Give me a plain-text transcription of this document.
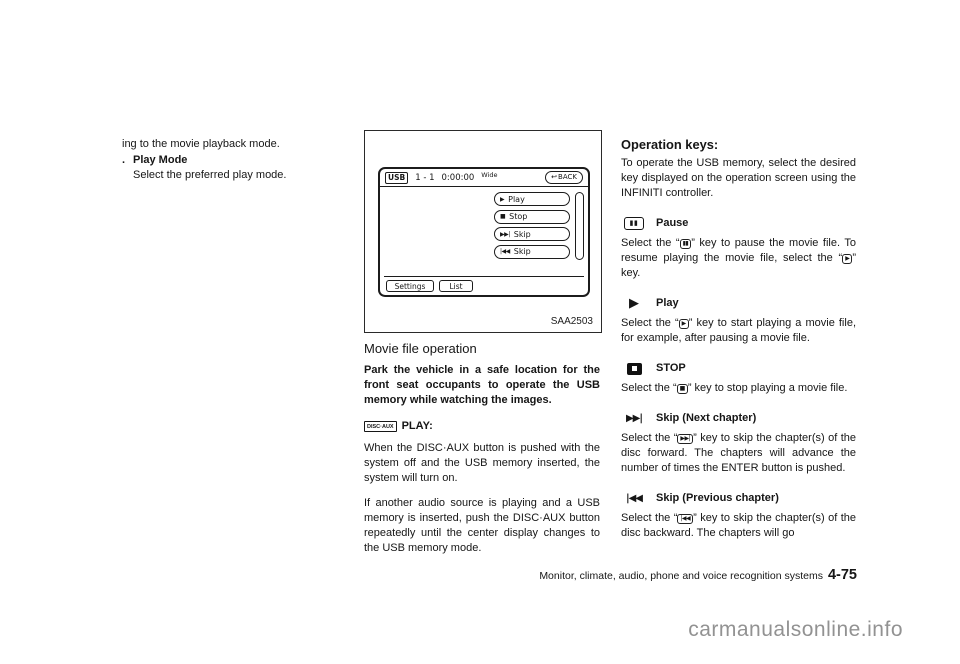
ing to the movie playback mode.

. Play Mode

Select the preferred play mode.	USB	1 - 1 0:00:00 Wide	↩ BACK
▶ Play
■ Stop
▶▶| Skip
|◀◀ Skip
Settings	List
SAA2503
Movie file operation

Park the vehicle in a safe location for the front seat occupants to operate the USB memory while watching the images.

DISC·AUX PLAY:

When the DISC·AUX button is pushed with the system off and the USB memory inserted, the system will turn on.

If another audio source is playing and a USB memory is inserted, push the DISC·AUX button repeatedly until the center display changes to the USB memory mode.

Operation keys:

To operate the USB memory, select the desired key displayed on the operation screen using the INFINITI controller.

▮▮ Pause

Select the “ ▮▮ ” key to pause the movie file. To resume playing the movie file, select the “ ▶ ” key.

▶	Play

Select the “ ▶ ” key to start playing a movie file, for example, after pausing a movie file.

STOP

Select the “ ■ ” key to stop playing a movie file.

▶▶|	Skip (Next chapter)

Select the “ ▶▶| ” key to skip the chapter(s) of the disc forward. The chapters will advance the number of times the ENTER button is pushed.

|◀◀	Skip (Previous chapter)

Select the “ |◀◀ ” key to skip the chapter(s) of the disc backward. The chapters will go

Monitor, climate, audio, phone and voice recognition systems 4-75
carmanualsonline.info
